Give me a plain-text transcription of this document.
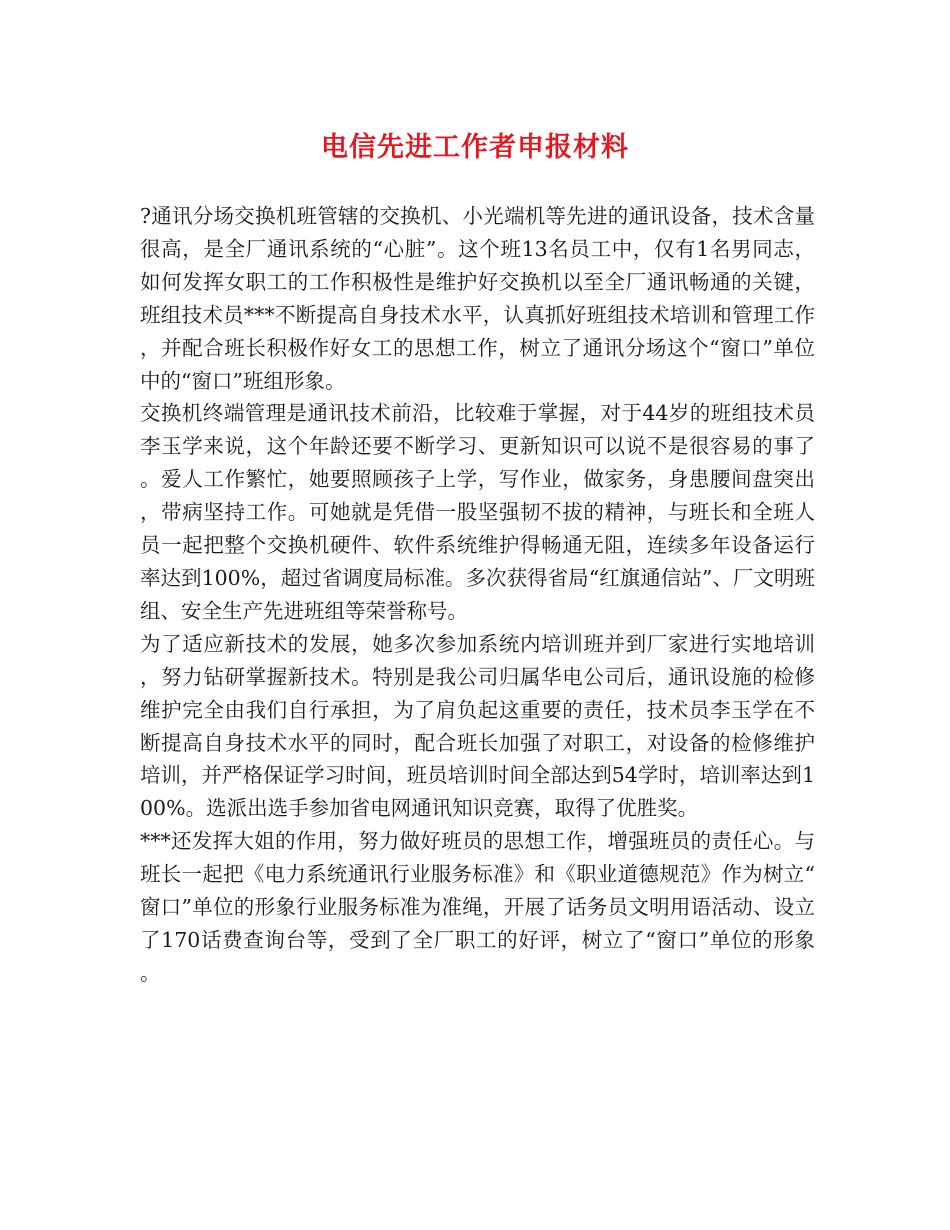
电信先进工作者申报材料

?通讯分场交换机班管辖的交换机、小光端机等先进的通讯设备，技术含量很高，是全厂通讯系统的“心脏”。这个班13名员工中，仅有1名男同志，如何发挥女职工的工作积极性是维护好交换机以至全厂通讯畅通的关键，班组技术员***不断提高自身技术水平，认真抓好班组技术培训和管理工作，并配合班长积极作好女工的思想工作，树立了通讯分场这个“窗口”单位中的“窗口”班组形象。

交换机终端管理是通讯技术前沿，比较难于掌握，对于44岁的班组技术员李玉学来说，这个年龄还要不断学习、更新知识可以说不是很容易的事了。爱人工作繁忙，她要照顾孩子上学，写作业，做家务，身患腰间盘突出，带病坚持工作。可她就是凭借一股坚强韧不拔的精神，与班长和全班人员一起把整个交换机硬件、软件系统维护得畅通无阻，连续多年设备运行率达到100%，超过省调度局标准。多次获得省局“红旗通信站”、厂文明班组、安全生产先进班组等荣誉称号。

为了适应新技术的发展，她多次参加系统内培训班并到厂家进行实地培训，努力钻研掌握新技术。特别是我公司归属华电公司后，通讯设施的检修维护完全由我们自行承担，为了肩负起这重要的责任，技术员李玉学在不断提高自身技术水平的同时，配合班长加强了对职工，对设备的检修维护培训，并严格保证学习时间，班员培训时间全部达到54学时，培训率达到100%。选派出选手参加省电网通讯知识竞赛，取得了优胜奖。

***还发挥大姐的作用，努力做好班员的思想工作，增强班员的责任心。与班长一起把《电力系统通讯行业服务标准》和《职业道德规范》作为树立“窗口”单位的形象行业服务标准为准绳，开展了话务员文明用语活动、设立了170话费查询台等，受到了全厂职工的好评，树立了“窗口”单位的形象。
